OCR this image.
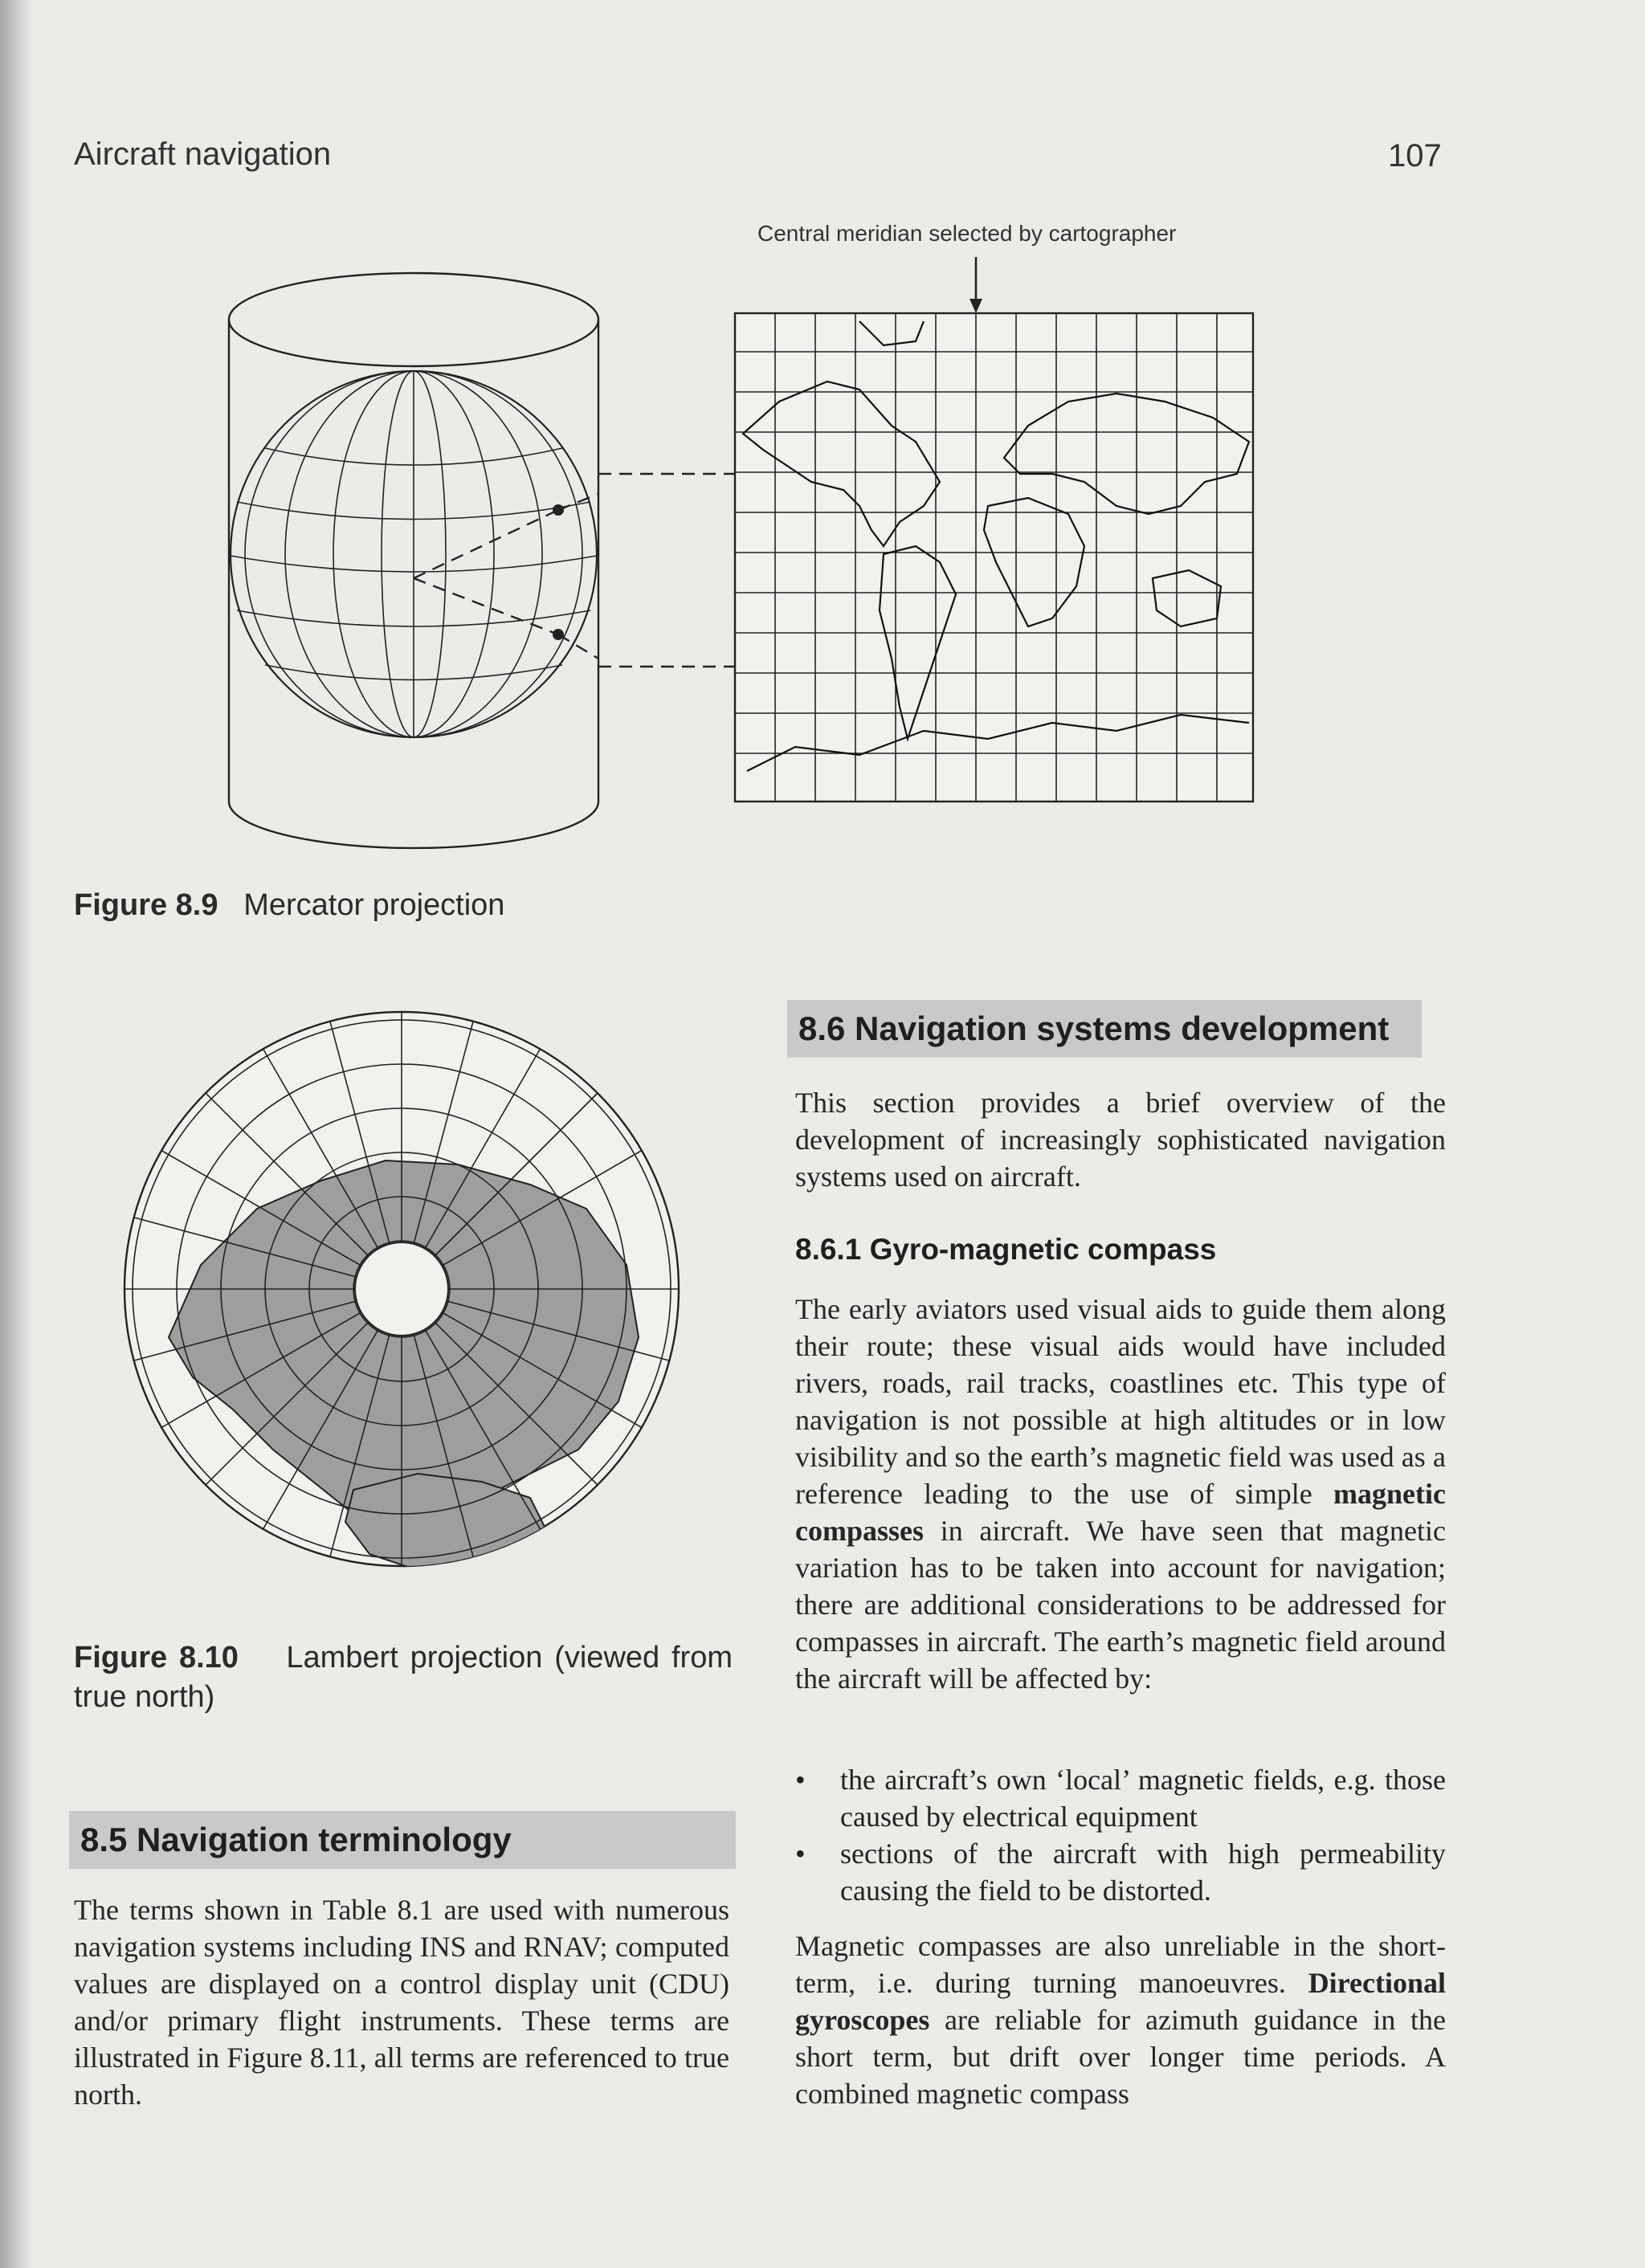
Aircraft navigation	107
Central meridian selected by cartographer
Figure 8.9 Mercator projection
Figure 8.10 Lambert projection (viewed from true north)
8.5 Navigation terminology
The terms shown in Table 8.1 are used with numerous navigation systems including INS and RNAV; computed values are displayed on a control display unit (CDU) and/or primary flight instruments. These terms are illustrated in Figure 8.11, all terms are referenced to true north.
8.6 Navigation systems development
This section provides a brief overview of the development of increasingly sophisticated navigation systems used on aircraft.
8.6.1 Gyro-magnetic compass
The early aviators used visual aids to guide them along their route; these visual aids would have included rivers, roads, rail tracks, coastlines etc. This type of navigation is not possible at high altitudes or in low visibility and so the earth’s magnetic field was used as a reference leading to the use of simple magnetic compasses in aircraft. We have seen that magnetic variation has to be taken into account for navigation; there are additional considerations to be addressed for compasses in aircraft. The earth’s magnetic field around the aircraft will be affected by:
• the aircraft’s own ‘local’ magnetic fields, e.g. those caused by electrical equipment
• sections of the aircraft with high permeability causing the field to be distorted.
Magnetic compasses are also unreliable in the short-term, i.e. during turning manoeuvres. Directional gyroscopes are reliable for azimuth guidance in the short term, but drift over longer time periods. A combined magnetic compass
